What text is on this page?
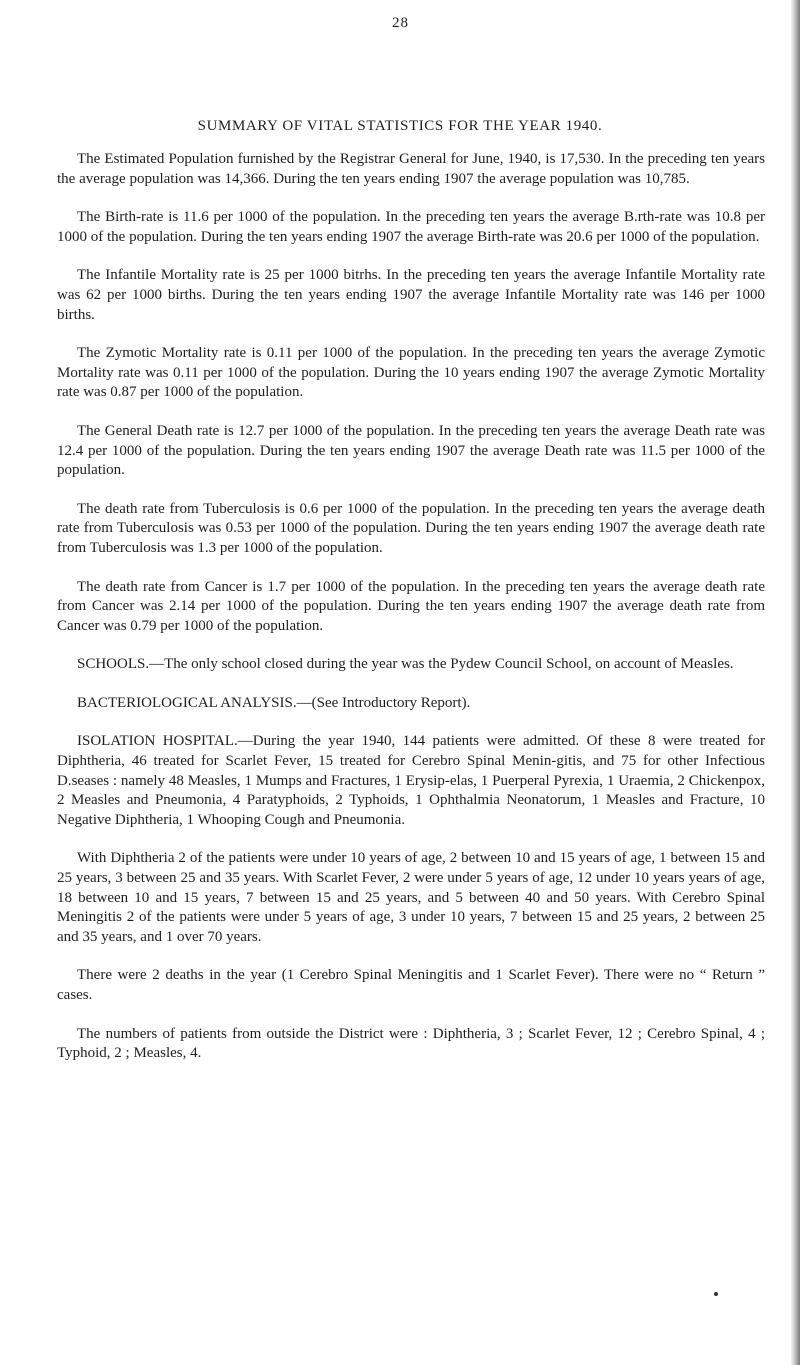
28
SUMMARY OF VITAL STATISTICS FOR THE YEAR 1940.

The Estimated Population furnished by the Registrar General for June, 1940, is 17,530. In the preceding ten years the average population was 14,366. During the ten years ending 1907 the average population was 10,785.

The Birth-rate is 11.6 per 1000 of the population. In the preceding ten years the average B.rth-rate was 10.8 per 1000 of the population. During the ten years ending 1907 the average Birth-rate was 20.6 per 1000 of the population.

The Infantile Mortality rate is 25 per 1000 bitrhs. In the preceding ten years the average Infantile Mortality rate was 62 per 1000 births. During the ten years ending 1907 the average Infantile Mortality rate was 146 per 1000 births.

The Zymotic Mortality rate is 0.11 per 1000 of the population. In the preceding ten years the average Zymotic Mortality rate was 0.11 per 1000 of the population. During the 10 years ending 1907 the average Zymotic Mortality rate was 0.87 per 1000 of the population.

The General Death rate is 12.7 per 1000 of the population. In the preceding ten years the average Death rate was 12.4 per 1000 of the population. During the ten years ending 1907 the average Death rate was 11.5 per 1000 of the population.

The death rate from Tuberculosis is 0.6 per 1000 of the population. In the preceding ten years the average death rate from Tuberculosis was 0.53 per 1000 of the population. During the ten years ending 1907 the average death rate from Tuberculosis was 1.3 per 1000 of the population.

The death rate from Cancer is 1.7 per 1000 of the population. In the preceding ten years the average death rate from Cancer was 2.14 per 1000 of the population. During the ten years ending 1907 the average death rate from Cancer was 0.79 per 1000 of the population.

SCHOOLS.—The only school closed during the year was the Pydew Council School, on account of Measles.

BACTERIOLOGICAL ANALYSIS.—(See Introductory Report).

ISOLATION HOSPITAL.—During the year 1940, 144 patients were admitted. Of these 8 were treated for Diphtheria, 46 treated for Scarlet Fever, 15 treated for Cerebro Spinal Menin-gitis, and 75 for other Infectious D.seases : namely 48 Measles, 1 Mumps and Fractures, 1 Erysip-elas, 1 Puerperal Pyrexia, 1 Uraemia, 2 Chickenpox, 2 Measles and Pneumonia, 4 Paratyphoids, 2 Typhoids, 1 Ophthalmia Neonatorum, 1 Measles and Fracture, 10 Negative Diphtheria, 1 Whooping Cough and Pneumonia.

With Diphtheria 2 of the patients were under 10 years of age, 2 between 10 and 15 years of age, 1 between 15 and 25 years, 3 between 25 and 35 years. With Scarlet Fever, 2 were under 5 years of age, 12 under 10 years years of age, 18 between 10 and 15 years, 7 between 15 and 25 years, and 5 between 40 and 50 years. With Cerebro Spinal Meningitis 2 of the patients were under 5 years of age, 3 under 10 years, 7 between 15 and 25 years, 2 between 25 and 35 years, and 1 over 70 years.

There were 2 deaths in the year (1 Cerebro Spinal Meningitis and 1 Scarlet Fever). There were no “ Return ” cases.

The numbers of patients from outside the District were : Diphtheria, 3 ; Scarlet Fever, 12 ; Cerebro Spinal, 4 ; Typhoid, 2 ; Measles, 4.
